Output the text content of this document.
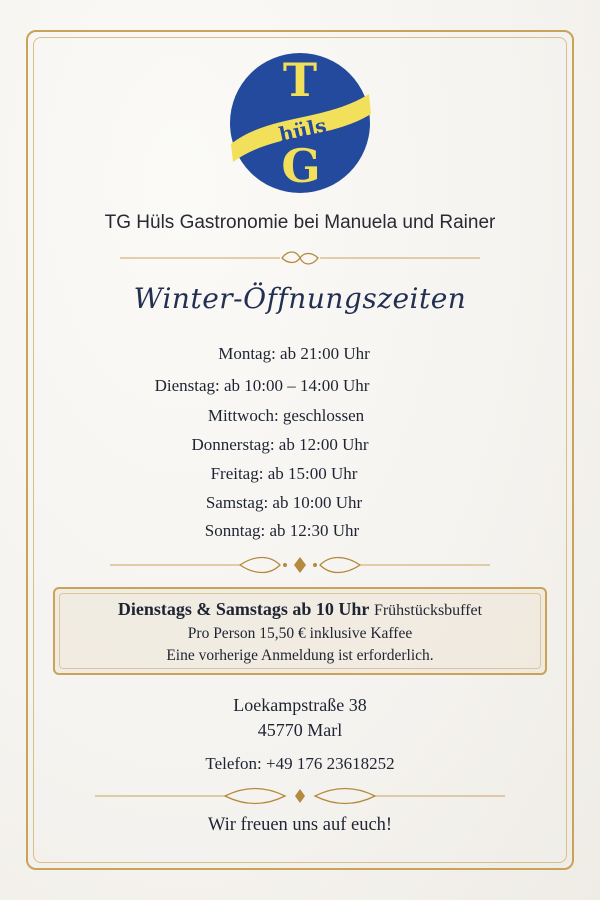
T
hüls
G
TG Hüls Gastronomie bei Manuela und Rainer
Winter-Öffnungszeiten
Montag: ab 21:00 Uhr
Dienstag: ab 10:00 – 14:00 Uhr
Mittwoch: geschlossen
Donnerstag: ab 12:00 Uhr
Freitag: ab 15:00 Uhr
Samstag: ab 10:00 Uhr
Sonntag: ab 12:30 Uhr
Dienstags & Samstags ab 10 Uhr Frühstücksbuffet
Pro Person 15,50 € inklusive Kaffee
Eine vorherige Anmeldung ist erforderlich.
Loekampstraße 38
45770 Marl
Telefon: +49 176 23618252
Wir freuen uns auf euch!
